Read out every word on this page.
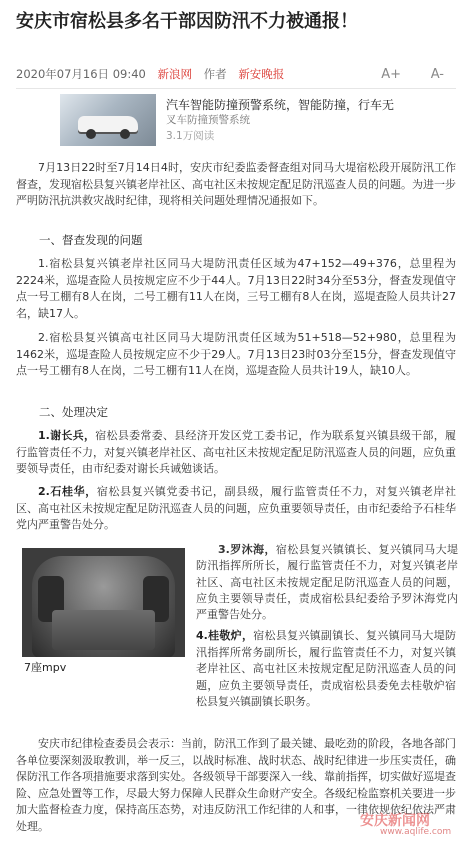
安庆市宿松县多名干部因防汛不力被通报！
2020年07月16日 09:40 新浪网 作者 新安晚报	A+ A-
汽车智能防撞预警系统，智能防撞，行车无
叉车防撞预警系统
3.1万阅读
7月13日22时至7月14日4时，安庆市纪委监委督查组对同马大堤宿松段开展防汛工作督查，发现宿松县复兴镇老岸社区、高屯社区未按规定配足防汛巡查人员的问题。为进一步严明防汛抗洪救灾战时纪律，现将相关问题处理情况通报如下。
一、督查发现的问题
1.宿松县复兴镇老岸社区同马大堤防汛责任区域为47+152—49+376，总里程为2224米，巡堤查险人员按规定应不少于44人。7月13日22时34分至53分，督查发现值守点一号工棚有8人在岗，二号工棚有11人在岗，三号工棚有8人在岗，巡堤查险人员共计27名，缺17人。
2.宿松县复兴镇高屯社区同马大堤防汛责任区域为51+518—52+980，总里程为1462米，巡堤查险人员按规定应不少于29人。7月13日23时03分至15分，督查发现值守点一号工棚有8人在岗，二号工棚有11人在岗，巡堤查险人员共计19人，缺10人。
二、处理决定
1.谢长兵，宿松县委常委、县经济开发区党工委书记，作为联系复兴镇县级干部，履行监管责任不力，对复兴镇老岸社区、高屯社区未按规定配足防汛巡查人员的问题，应负重要领导责任，由市纪委对谢长兵诫勉谈话。
2.石桂华，宿松县复兴镇党委书记，副县级，履行监管责任不力，对复兴镇老岸社区、高屯社区未按规定配足防汛巡查人员的问题，应负重要领导责任，由市纪委给予石桂华党内严重警告处分。
7座mpv
3.罗沐海，宿松县复兴镇镇长、复兴镇同马大堤防汛指挥所所长，履行监管责任不力，对复兴镇老岸社区、高屯社区未按规定配足防汛巡查人员的问题，应负主要领导责任，责成宿松县纪委给予罗沐海党内严重警告处分。
4.桂敬炉，宿松县复兴镇副镇长、复兴镇同马大堤防汛指挥所常务副所长，履行监管责任不力，对复兴镇老岸社区、高屯社区未按规定配足防汛巡查人员的问题，应负主要领导责任，责成宿松县委免去桂敬炉宿松县复兴镇副镇长职务。
安庆市纪律检查委员会表示：当前，防汛工作到了最关键、最吃劲的阶段，各地各部门各单位要深刻汲取教训，举一反三，以战时标准、战时状态、战时纪律进一步压实责任，确保防汛工作各项措施要求落到实处。各级领导干部要深入一线、靠前指挥，切实做好巡堤查险、应急处置等工作，尽最大努力保障人民群众生命财产安全。各级纪检监察机关要进一步加大监督检查力度，保持高压态势，对违反防汛工作纪律的人和事，一律依规依纪依法严肃处理。	安庆新闻网
www.aqlife.com
